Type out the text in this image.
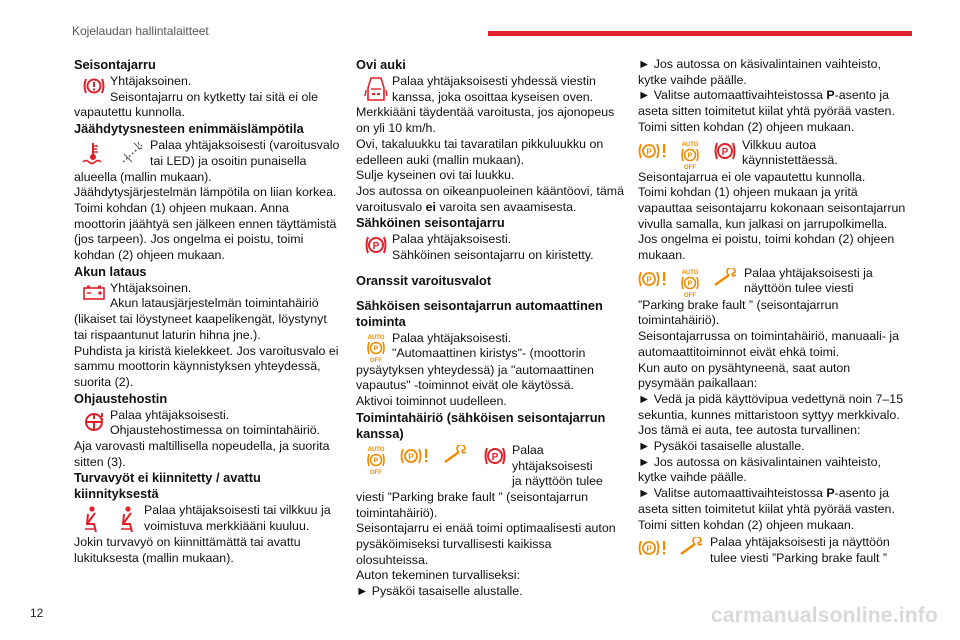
Kojelaudan hallintalaitteet

Seisontajarru

Yhtäjaksoinen.

Seisontajarru on kytketty tai sitä ei ole

vapautettu kunnolla.

Jäähdytysnesteen enimmäislämpötila

Palaa yhtäjaksoisesti (varoitusvalo

tai LED) ja osoitin punaisella

alueella (mallin mukaan).

Jäähdytysjärjestelmän lämpötila on liian korkea. Toimi kohdan (1) ohjeen mukaan. Anna moottorin jäähtyä sen jälkeen ennen täyttämistä (jos tarpeen). Jos ongelma ei poistu, toimi kohdan (2) ohjeen mukaan.

Akun lataus

Yhtäjaksoinen.

Akun latausjärjestelmän toimintahäiriö

(likaiset tai löystyneet kaapelikengät, löystynyt tai rispaantunut laturin hihna jne.).

Puhdista ja kiristä kielekkeet. Jos varoitusvalo ei sammu moottorin käynnistyksen yhteydessä, suorita (2).

Ohjaustehostin

Palaa yhtäjaksoisesti.

Ohjaustehostimessa on toimintahäiriö.

Aja varovasti maltillisella nopeudella, ja suorita sitten (3).

Turvavyöt ei kiinnitetty / avattu kiinnityksestä

Palaa yhtäjaksoisesti tai vilkkuu ja

voimistuva merkkiääni kuuluu.

Jokin turvavyö on kiinnittämättä tai avattu lukituksesta (mallin mukaan).

Ovi auki

Palaa yhtäjaksoisesti yhdessä viestin

kanssa, joka osoittaa kyseisen oven.

Merkkiääni täydentää varoitusta, jos ajonopeus on yli 10 km/h.

Ovi, takaluukku tai tavaratilan pikkuluukku on edelleen auki (mallin mukaan).

Sulje kyseinen ovi tai luukku.

Jos autossa on oikeanpuoleinen kääntöovi, tämä varoitusvalo ei varoita sen avaamisesta.

Sähköinen seisontajarru

P

Palaa yhtäjaksoisesti.

Sähköinen seisontajarru on kiristetty.

Oranssit varoitusvalot

Sähköisen seisontajarrun automaattinen toiminta

AUTO
P
OFF

Palaa yhtäjaksoisesti.

"Automaattinen kiristys"- (moottorin

pysäytyksen yhteydessä) ja "automaattinen vapautus" -toiminnot eivät ole käytössä.

Aktivoi toiminnot uudelleen.

Toimintahäiriö (sähköisen seisontajarrun kanssa)

AUTO
P
OFF
P	P

Palaa yhtäjaksoisesti

ja näyttöön tulee

viesti ”Parking brake fault ” (seisontajarrun toimintahäiriö).

Seisontajarru ei enää toimi optimaalisesti auton pysäköimiseksi turvallisesti kaikissa olosuhteissa.

Auton tekeminen turvalliseksi:

► Pysäköi tasaiselle alustalle.

► Jos autossa on käsivalintainen vaihteisto, kytke vaihde päälle.

► Valitse automaattivaihteistossa P-asento ja aseta sitten toimitetut kiilat yhtä pyörää vasten.

Toimi sitten kohdan (2) ohjeen mukaan.

P
AUTO
P
OFF
P

Vilkkuu autoa

käynnistettäessä.

Seisontajarrua ei ole vapautettu kunnolla.

Toimi kohdan (1) ohjeen mukaan ja yritä vapauttaa seisontajarru kokonaan seisontajarrun vivulla samalla, kun jalkasi on jarrupolkimella.

Jos ongelma ei poistu, toimi kohdan (2) ohjeen mukaan.

P
AUTO
P
OFF

Palaa yhtäjaksoisesti ja

näyttöön tulee viesti

”Parking brake fault ” (seisontajarrun toimintahäiriö).

Seisontajarrussa on toimintahäiriö, manuaali- ja automaattitoiminnot eivät ehkä toimi.

Kun auto on pysähtyneenä, saat auton pysymään paikallaan:

► Vedä ja pidä käyttövipua vedettynä noin 7–15 sekuntia, kunnes mittaristoon syttyy merkkivalo.

Jos tämä ei auta, tee autosta turvallinen:

► Pysäköi tasaiselle alustalle.

► Jos autossa on käsivalintainen vaihteisto, kytke vaihde päälle.

► Valitse automaattivaihteistossa P-asento ja aseta sitten toimitetut kiilat yhtä pyörää vasten.

Toimi sitten kohdan (2) ohjeen mukaan.

P	Palaa yhtäjaksoisesti ja näyttöön

tulee viesti ”Parking brake fault ”

12	carmanualsonline.info
